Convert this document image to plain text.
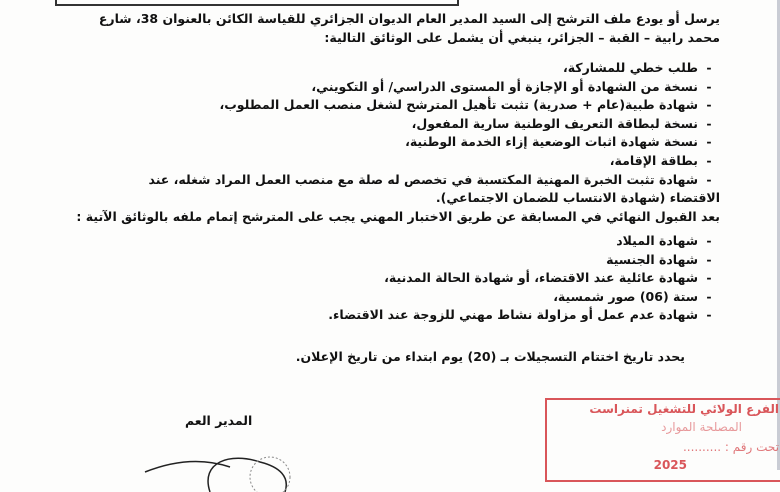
يرسل أو يودع ملف الترشح إلى السيد المدير العام الديوان الجزائري للقياسة الكائن بالعنوان 38، شارع
محمد رابية – القبة – الجزائر، ينبغي أن يشمل على الوثائق التالية:
- طلب خطي للمشاركة،
- نسخة من الشهادة أو الإجازة أو المستوى الدراسي/ أو التكويني،
- شهادة طبية(عام + صدرية) تثبت تأهيل المترشح لشغل منصب العمل المطلوب،
- نسخة لبطاقة التعريف الوطنية سارية المفعول،
- نسخة شهادة اثبات الوضعية إزاء الخدمة الوطنية،
- بطاقة الإقامة،
- شهادة تثبت الخبرة المهنية المكتسبة في تخصص له صلة مع منصب العمل المراد شغله، عند
الاقتضاء (شهادة الانتساب للضمان الاجتماعي).
بعد القبول النهائي في المسابقة عن طريق الاختبار المهني يجب على المترشح إتمام ملفه بالوثائق الآتية :
- شهادة الميلاد
- شهادة الجنسية
- شهادة عائلية عند الاقتضاء، أو شهادة الحالة المدنية،
- ستة (06) صور شمسية،
- شهادة عدم عمل أو مزاولة نشاط مهني للزوجة عند الاقتضاء.
يحدد تاريخ اختتام التسجيلات بـ (20) يوم ابتداء من تاريخ الإعلان.
المدير العم
الفرع الولائي للتشغيل تمنراست
المصلحة الموارد
تحت رقم : ..........
2025
